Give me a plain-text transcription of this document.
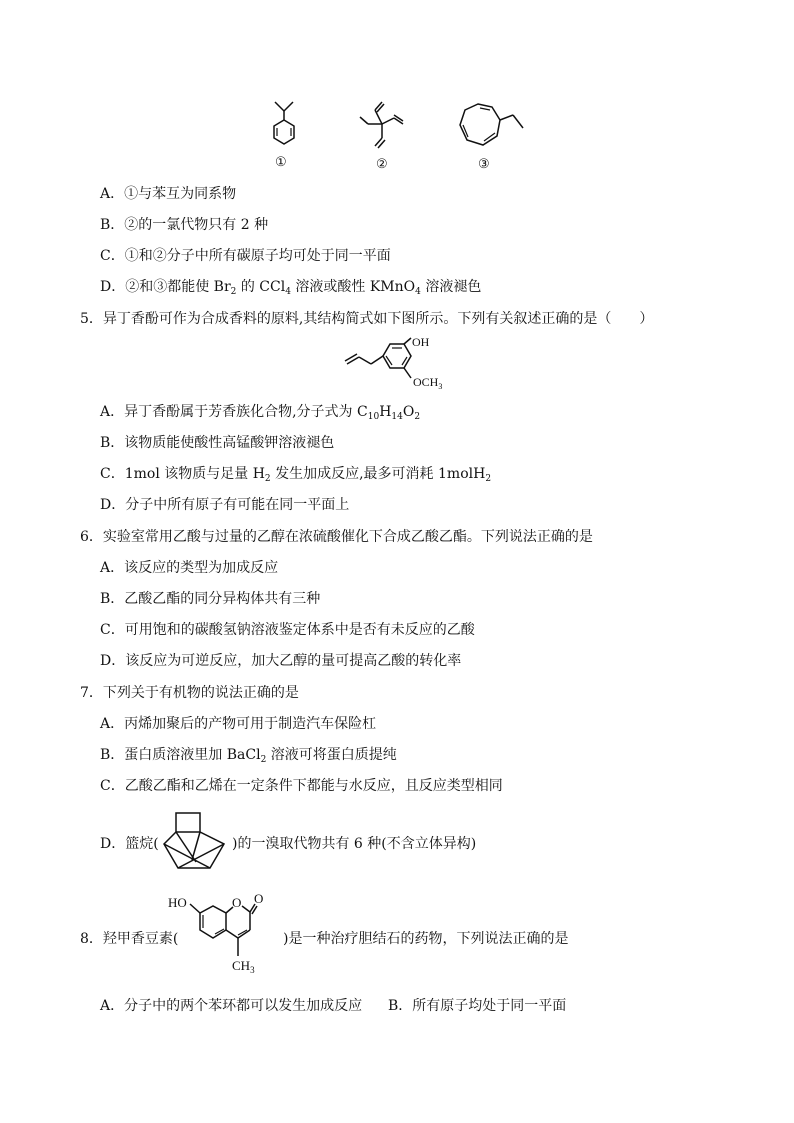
①	②	③
A．①与苯互为同系物
B．②的一氯代物只有 2 种
C．①和②分子中所有碳原子均可处于同一平面
D．②和③都能使 $Br_2$ 的 CCl$_4$ 溶液或酸性 KMnO$_4$ 溶液褪色
5．异丁香酚可作为合成香料的原料,其结构简式如下图所示。下列有关叙述正确的是（　　）
OH
$OCH_3$
A．异丁香酚属于芳香族化合物,分子式为 $C_{10}H_{14}O_2$
B．该物质能使酸性高锰酸钾溶液褪色
C．1mol 该物质与足量 $H_2$ 发生加成反应,最多可消耗 1molH$_2$
D．分子中所有原子有可能在同一平面上
6．实验室常用乙酸与过量的乙醇在浓硫酸催化下合成乙酸乙酯。下列说法正确的是
A．该反应的类型为加成反应
B．乙酸乙酯的同分异构体共有三种
C．可用饱和的碳酸氢钠溶液鉴定体系中是否有未反应的乙酸
D．该反应为可逆反应，加大乙醇的量可提高乙酸的转化率
7．下列关于有机物的说法正确的是
A．丙烯加聚后的产物可用于制造汽车保险杠
B．蛋白质溶液里加 BaCl$_2$ 溶液可将蛋白质提纯
C．乙酸乙酯和乙烯在一定条件下都能与水反应，且反应类型相同
D．篮烷(	)的一溴取代物共有 6 种(不含立体异构)
8．羟甲香豆素(
HO	O O
$CH_3$
)是一种治疗胆结石的药物，下列说法正确的是
A．分子中的两个苯环都可以发生加成反应 B．所有原子均处于同一平面
